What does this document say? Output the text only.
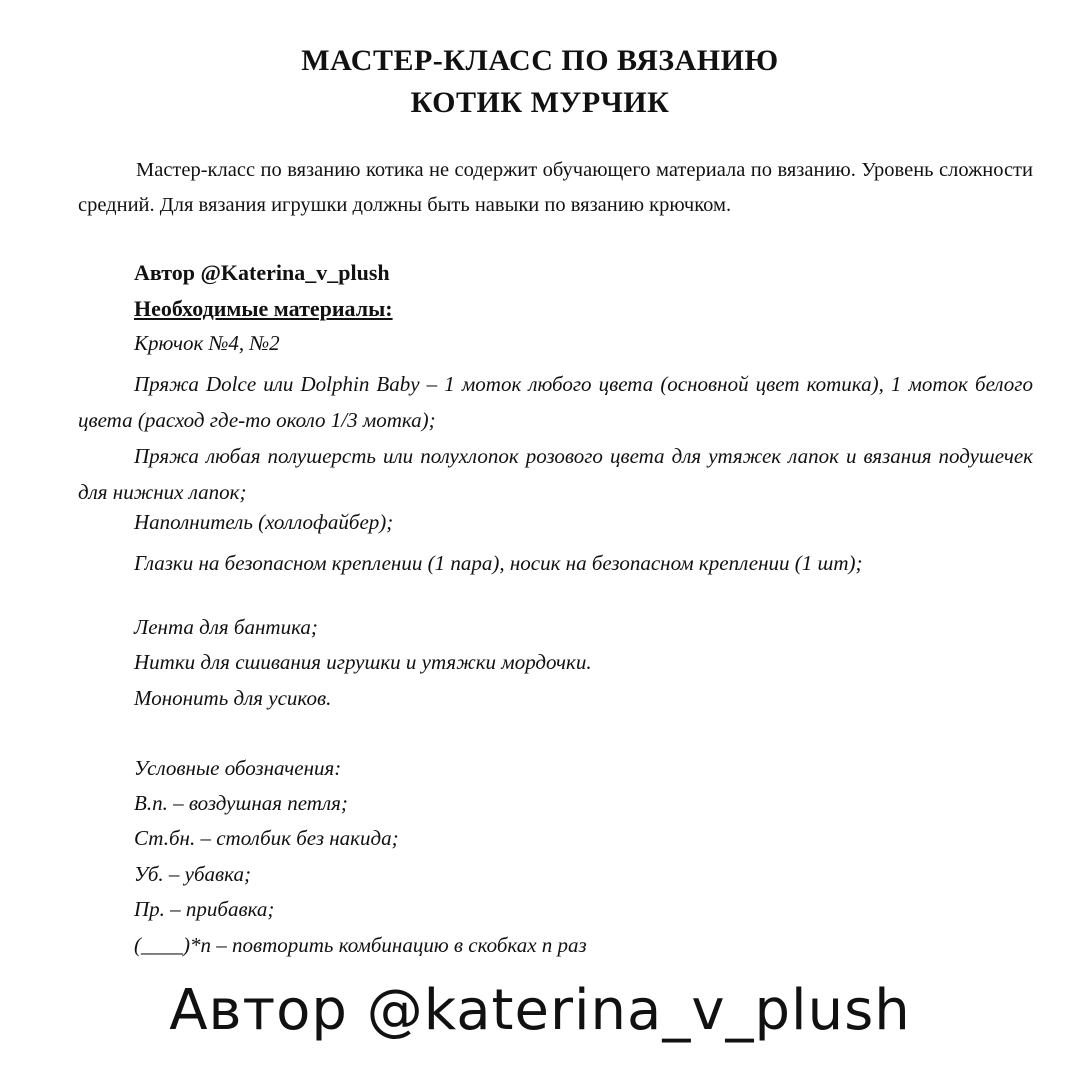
МАСТЕР-КЛАСС ПО ВЯЗАНИЮ
КОТИК МУРЧИК

Мастер-класс по вязанию котика не содержит обучающего материала по вязанию. Уровень сложности средний. Для вязания игрушки должны быть навыки по вязанию крючком.

Автор @Katerina_v_plush

Необходимые материалы:

Крючок №4, №2

Пряжа Dolce или Dolphin Baby – 1 моток любого цвета (основной цвет котика), 1 моток белого цвета (расход где-то около 1/3 мотка);

Пряжа любая полушерсть или полухлопок розового цвета для утяжек лапок и вязания подушечек для нижних лапок;

Наполнитель (холлофайбер);

Глазки на безопасном креплении (1 пара), носик на безопасном креплении (1 шт);

Лента для бантика;

Нитки для сшивания игрушки и утяжки мордочки.

Мононить для усиков.

Условные обозначения:

В.п. – воздушная петля;

Ст.бн. – столбик без накида;

Уб. – убавка;

Пр. – прибавка;

(____)*n – повторить комбинацию в скобках n раз

Автор @katerina_v_plush
